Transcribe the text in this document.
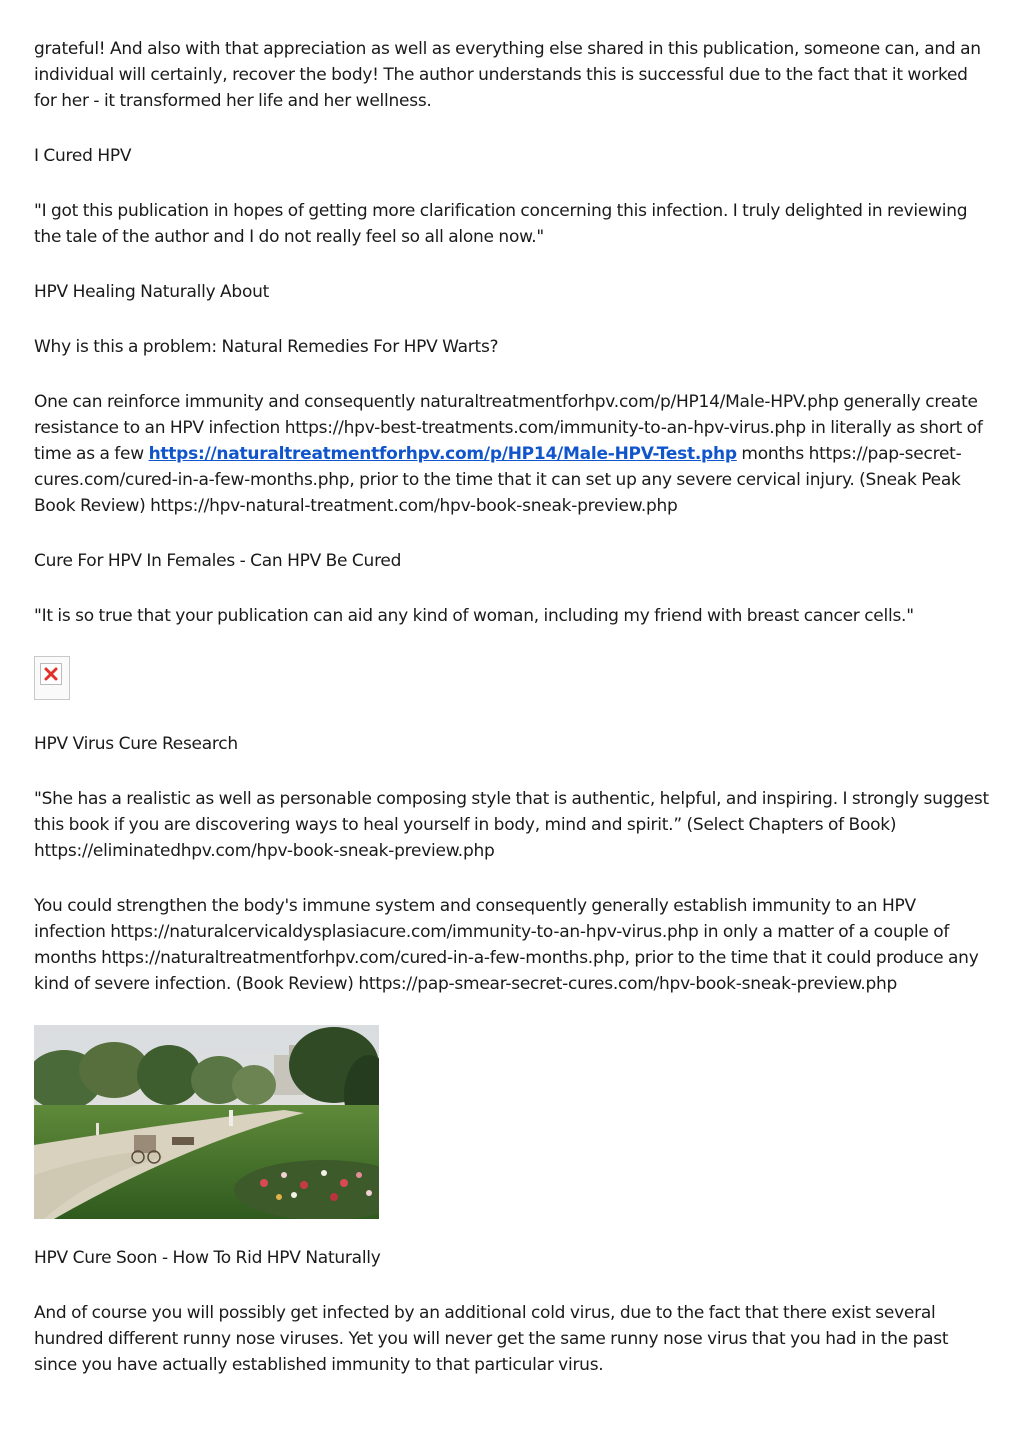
grateful! And also with that appreciation as well as everything else shared in this publication, someone can, and an individual will certainly, recover the body! The author understands this is successful due to the fact that it worked for her - it transformed her life and her wellness.

I Cured HPV

"I got this publication in hopes of getting more clarification concerning this infection. I truly delighted in reviewing the tale of the author and I do not really feel so all alone now."

HPV Healing Naturally About

Why is this a problem: Natural Remedies For HPV Warts?

One can reinforce immunity and consequently naturaltreatmentforhpv.com/p/HP14/Male-HPV.php generally create resistance to an HPV infection https://hpv-best-treatments.com/immunity-to-an-hpv-virus.php in literally as short of time as a few https://naturaltreatmentforhpv.com/p/HP14/Male-HPV-Test.php months https://pap-secret-cures.com/cured-in-a-few-months.php, prior to the time that it can set up any severe cervical injury. (Sneak Peak Book Review) https://hpv-natural-treatment.com/hpv-book-sneak-preview.php

Cure For HPV In Females - Can HPV Be Cured

"It is so true that your publication can aid any kind of woman, including my friend with breast cancer cells."

HPV Virus Cure Research

"She has a realistic as well as personable composing style that is authentic, helpful, and inspiring. I strongly suggest this book if you are discovering ways to heal yourself in body, mind and spirit.” (Select Chapters of Book) https://eliminatedhpv.com/hpv-book-sneak-preview.php

You could strengthen the body's immune system and consequently generally establish immunity to an HPV infection https://naturalcervicaldysplasiacure.com/immunity-to-an-hpv-virus.php in only a matter of a couple of months https://naturaltreatmentforhpv.com/cured-in-a-few-months.php, prior to the time that it could produce any kind of severe infection. (Book Review) https://pap-smear-secret-cures.com/hpv-book-sneak-preview.php

HPV Cure Soon - How To Rid HPV Naturally

And of course you will possibly get infected by an additional cold virus, due to the fact that there exist several hundred different runny nose viruses. Yet you will never get the same runny nose virus that you had in the past since you have actually established immunity to that particular virus.
